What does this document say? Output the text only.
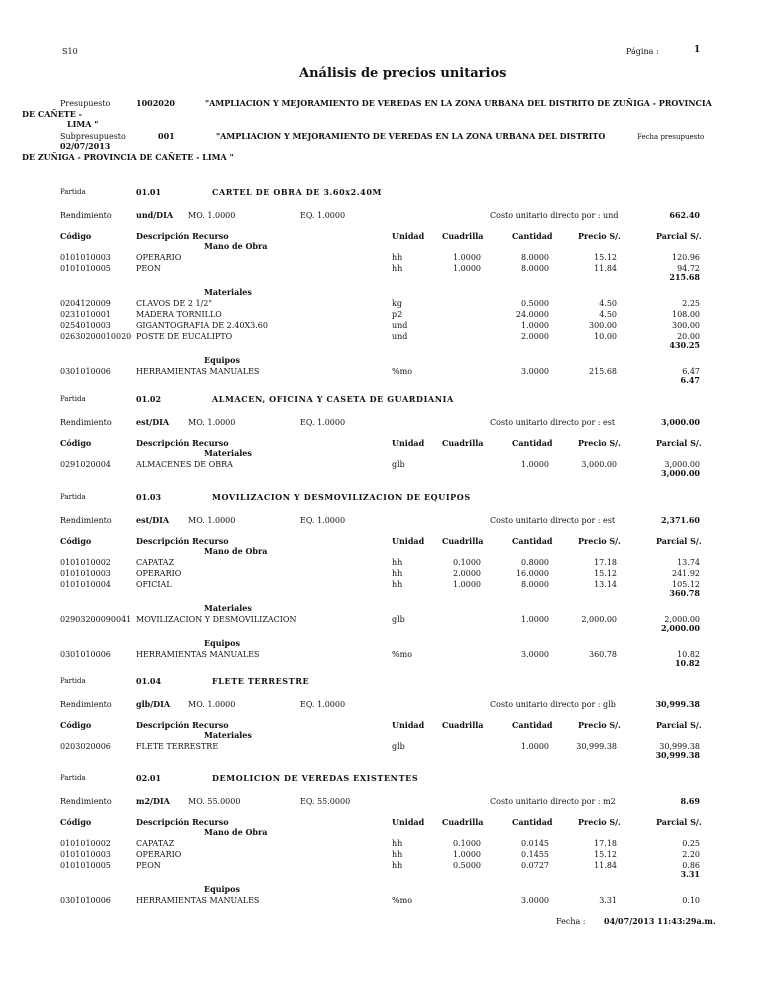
S10	Página :	1
Análisis de precios unitarios
Presupuesto	1002020	"AMPLIACION Y MEJORAMIENTO DE VEREDAS EN LA ZONA URBANA DEL DISTRITO DE ZUÑIGA - PROVINCIA
DE CAÑETE -
LIMA "
Subpresupuesto	001	"AMPLIACION Y MEJORAMIENTO DE VEREDAS EN LA ZONA URBANA DEL DISTRITO	Fecha presupuesto
02/07/2013
DE ZUÑIGA - PROVINCIA DE CAÑETE - LIMA "
Partida	01.01	CARTEL DE OBRA DE 3.60x2.40M
Rendimiento	und/DIA MO. 1.0000	EQ. 1.0000	Costo unitario directo por : und	662.40
Código	Descripción Recurso	Unidad Cuadrilla	Cantidad	Precio S/.	Parcial S/.
Mano de Obra
0101010003	OPERARIO	hh	1.0000	8.0000	15.12	120.96
0101010005	PEON	hh	1.0000	8.0000	11.84	94.72
215.68
Materiales
0204120009	CLAVOS DE 2 1/2"	kg	0.5000	4.50	2.25
0231010001	MADERA TORNILLO	p2	24.0000	4.50	108.00
0254010003	GIGANTOGRAFIA DE 2.40X3.60	und	1.0000	300.00	300.00
02630200010020 POSTE DE EUCALIPTO	und	2.0000	10.00	20.00
430.25
Equipos
0301010006	HERRAMIENTAS MANUALES	%mo	3.0000	215.68	6.47
6.47
Partida	01.02	ALMACEN, OFICINA Y CASETA DE GUARDIANIA
Rendimiento	est/DIA MO. 1.0000	EQ. 1.0000	Costo unitario directo por : est	3,000.00
Código	Descripción Recurso	Unidad Cuadrilla	Cantidad	Precio S/.	Parcial S/.
Materiales
0291020004	ALMACENES DE OBRA	glb	1.0000	3,000.00	3,000.00
3,000.00
Partida	01.03	MOVILIZACION Y DESMOVILIZACION DE EQUIPOS
Rendimiento	est/DIA MO. 1.0000	EQ. 1.0000	Costo unitario directo por : est	2,371.60
Código	Descripción Recurso	Unidad Cuadrilla	Cantidad	Precio S/.	Parcial S/.
Mano de Obra
0101010002	CAPATAZ	hh	0.1000	0.8000	17.18	13.74
0101010003	OPERARIO	hh	2.0000	16.0000	15.12	241.92
0101010004	OFICIAL	hh	1.0000	8.0000	13.14	105.12
360.78
Materiales
02903200090041 MOVILIZACION Y DESMOVILIZACION	glb	1.0000	2,000.00	2,000.00
2,000.00
Equipos
0301010006	HERRAMIENTAS MANUALES	%mo	3.0000	360.78	10.82
10.82
Partida	01.04	FLETE TERRESTRE
Rendimiento	glb/DIA MO. 1.0000	EQ. 1.0000	Costo unitario directo por : glb	30,999.38
Código	Descripción Recurso	Unidad Cuadrilla	Cantidad	Precio S/.	Parcial S/.
Materiales
0203020006	FLETE TERRESTRE	glb	1.0000	30,999.38	30,999.38
30,999.38
Partida	02.01	DEMOLICION DE VEREDAS EXISTENTES
Rendimiento	m2/DIA MO. 55.0000	EQ. 55.0000	Costo unitario directo por : m2	8.69
Código	Descripción Recurso	Unidad Cuadrilla	Cantidad	Precio S/.	Parcial S/.
Mano de Obra
0101010002	CAPATAZ	hh	0.1000	0.0145	17.18	0.25
0101010003	OPERARIO	hh	1.0000	0.1455	15.12	2.20
0101010005	PEON	hh	0.5000	0.0727	11.84	0.86
3.31
Equipos
0301010006	HERRAMIENTAS MANUALES	%mo	3.0000	3.31	0.10
Fecha : 04/07/2013 11:43:29a.m.
